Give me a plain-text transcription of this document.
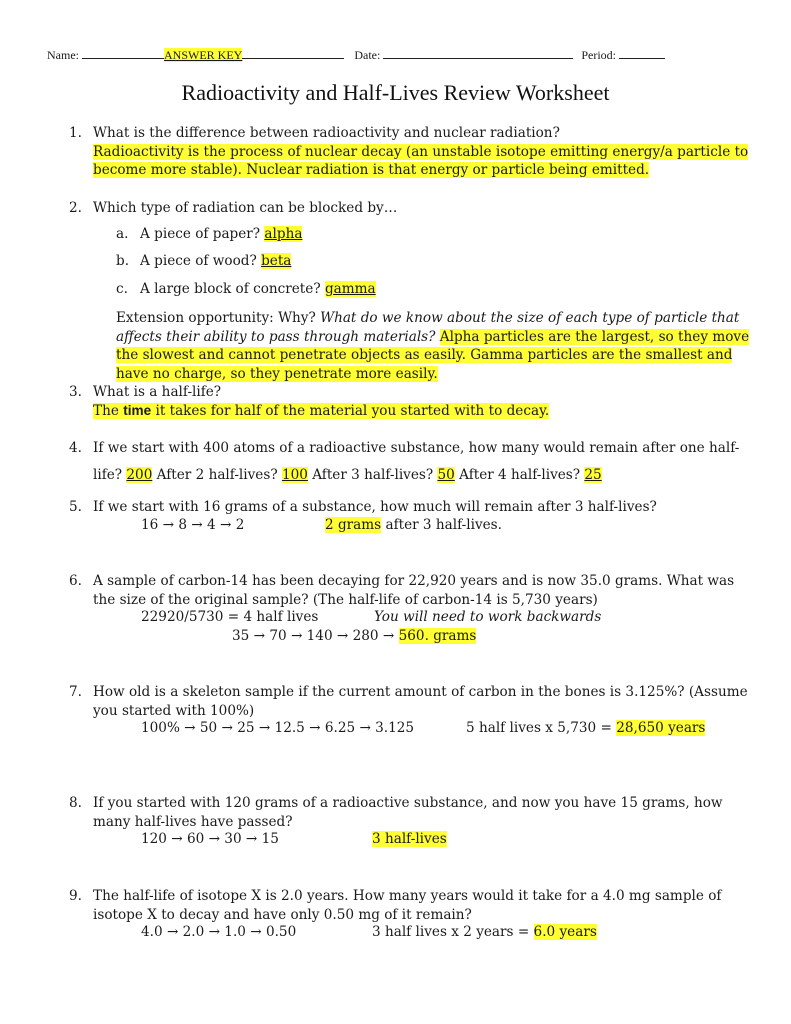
Name:	ANSWER KEY	Date:	Period:
Radioactivity and Half-Lives Review Worksheet
1. What is the difference between radioactivity and nuclear radiation?
Radioactivity is the process of nuclear decay (an unstable isotope emitting energy/a particle to become more stable). Nuclear radiation is that energy or particle being emitted.
2. Which type of radiation can be blocked by…
a. A piece of paper? alpha
b. A piece of wood? beta
c. A large block of concrete? gamma
Extension opportunity: Why? What do we know about the size of each type of particle that affects their ability to pass through materials? Alpha particles are the largest, so they move the slowest and cannot penetrate objects as easily. Gamma particles are the smallest and have no charge, so they penetrate more easily.
3. What is a half-life?
The time it takes for half of the material you started with to decay.
4. If we start with 400 atoms of a radioactive substance, how many would remain after one half-
life? 200 After 2 half-lives? 100 After 3 half-lives? 50 After 4 half-lives? 25
5. If we start with 16 grams of a substance, how much will remain after 3 half-lives?
16 → 8 → 4 → 2	2 grams after 3 half-lives.
6. A sample of carbon-14 has been decaying for 22,920 years and is now 35.0 grams. What was the size of the original sample? (The half-life of carbon-14 is 5,730 years)
22920/5730 = 4 half lives	You will need to work backwards
35 → 70 → 140 → 280 → 560. grams
7. How old is a skeleton sample if the current amount of carbon in the bones is 3.125%? (Assume you started with 100%)
100% → 50 → 25 → 12.5 → 6.25 → 3.125	5 half lives x 5,730 = 28,650 years
8. If you started with 120 grams of a radioactive substance, and now you have 15 grams, how many half-lives have passed?
120 → 60 → 30 → 15	3 half-lives
9. The half-life of isotope X is 2.0 years. How many years would it take for a 4.0 mg sample of isotope X to decay and have only 0.50 mg of it remain?
4.0 → 2.0 → 1.0 → 0.50	3 half lives x 2 years = 6.0 years
